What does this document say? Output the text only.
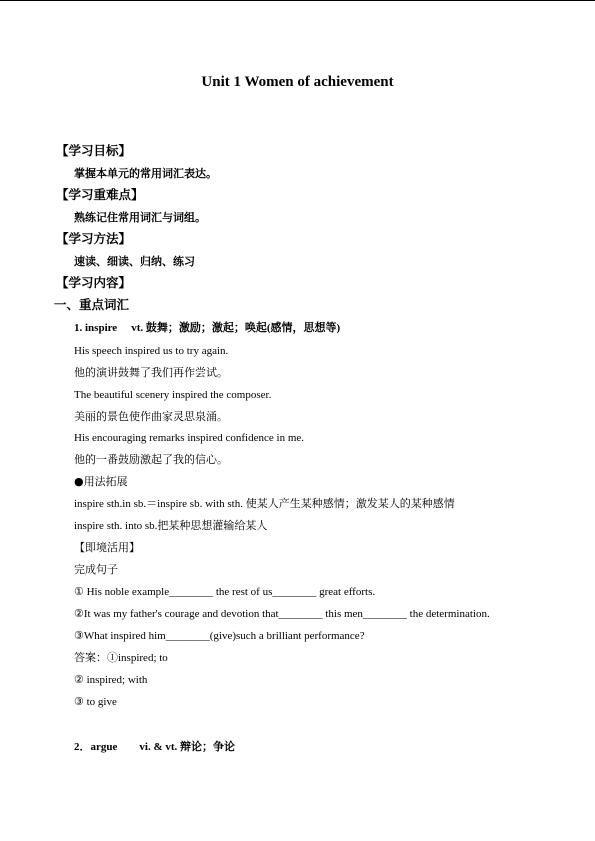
Unit 1 Women of achievement
【学习目标】
掌握本单元的常用词汇表达。
【学习重难点】
熟练记住常用词汇与词组。
【学习方法】
速读、细读、归纳、练习
【学习内容】
一、重点词汇
1. inspire vt. 鼓舞；激励；激起；唤起(感情，思想等)
His speech inspired us to try again.
他的演讲鼓舞了我们再作尝试。
The beautiful scenery inspired the composer.
美丽的景色使作曲家灵思泉涌。
His encouraging remarks inspired confidence in me.
他的一番鼓励激起了我的信心。
●用法拓展
inspire sth.in sb.＝inspire sb. with sth. 使某人产生某种感情；激发某人的某种感情
inspire sth. into sb.把某种思想灌输给某人
【即境活用】
完成句子
① His noble example________ the rest of us________ great efforts.
②It was my father's courage and devotion that________ this men________ the determination.
③What inspired him________(give)such a brilliant performance?
答案：①inspired; to
② inspired; with
③ to give
2．argue vi. & vt. 辩论；争论
